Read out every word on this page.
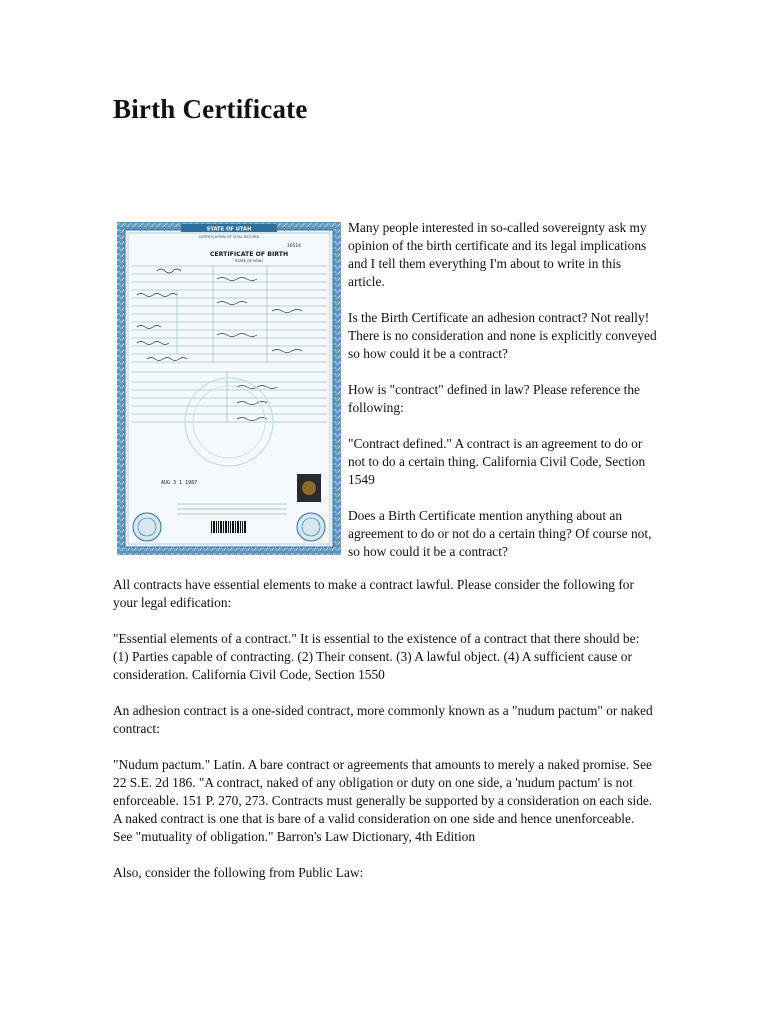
Birth Certificate
STATE OF UTAH
CERTIFICATION OF VITAL RECORD
CERTIFICATE OF BIRTH
STATE OF UTAH
16514
AUG 3 1 1987

Many people interested in so-called sovereignty ask my opinion of the birth certificate and its legal implications and I tell them everything I'm about to write in this article.

Is the Birth Certificate an adhesion contract? Not really! There is no consideration and none is explicitly conveyed so how could it be a contract?

How is "contract" defined in law? Please reference the following:

"Contract defined." A contract is an agreement to do or not to do a certain thing. California Civil Code, Section 1549

Does a Birth Certificate mention anything about an agreement to do or not do a certain thing? Of course not, so how could it be a contract?

All contracts have essential elements to make a contract lawful. Please consider the following for your legal edification:

"Essential elements of a contract." It is essential to the existence of a contract that there should be: (1) Parties capable of contracting. (2) Their consent. (3) A lawful object. (4) A sufficient cause or consideration. California Civil Code, Section 1550

An adhesion contract is a one-sided contract, more commonly known as a "nudum pactum" or naked contract:

"Nudum pactum." Latin. A bare contract or agreements that amounts to merely a naked promise. See 22 S.E. 2d 186. "A contract, naked of any obligation or duty on one side, a 'nudum pactum' is not enforceable. 151 P. 270, 273. Contracts must generally be supported by a consideration on each side. A naked contract is one that is bare of a valid consideration on one side and hence unenforceable. See "mutuality of obligation." Barron's Law Dictionary, 4th Edition

Also, consider the following from Public Law:
